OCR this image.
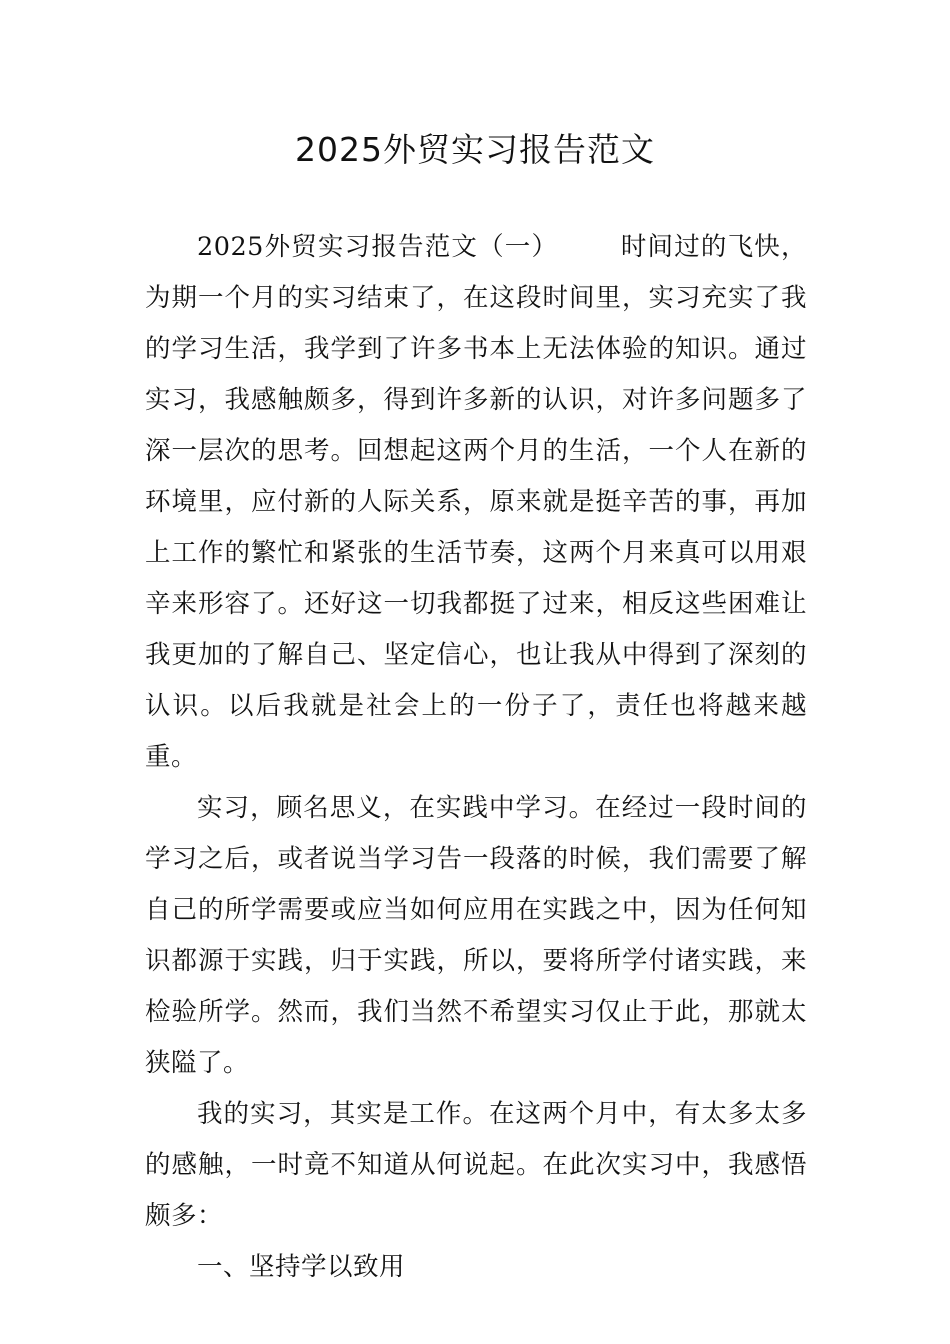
2025外贸实习报告范文

2025外贸实习报告范文（一） 时间过的飞快，为期一个月的实习结束了，在这段时间里，实习充实了我的学习生活，我学到了许多书本上无法体验的知识。通过实习，我感触颇多，得到许多新的认识，对许多问题多了深一层次的思考。回想起这两个月的生活，一个人在新的环境里，应付新的人际关系，原来就是挺辛苦的事，再加上工作的繁忙和紧张的生活节奏，这两个月来真可以用艰辛来形容了。还好这一切我都挺了过来，相反这些困难让我更加的了解自己、坚定信心，也让我从中得到了深刻的认识。以后我就是社会上的一份子了，责任也将越来越重。

实习，顾名思义，在实践中学习。在经过一段时间的学习之后，或者说当学习告一段落的时候，我们需要了解自己的所学需要或应当如何应用在实践之中，因为任何知识都源于实践，归于实践，所以，要将所学付诸实践，来检验所学。然而，我们当然不希望实习仅止于此，那就太狭隘了。

我的实习，其实是工作。在这两个月中，有太多太多的感触，一时竟不知道从何说起。在此次实习中，我感悟颇多：

一、坚持学以致用
